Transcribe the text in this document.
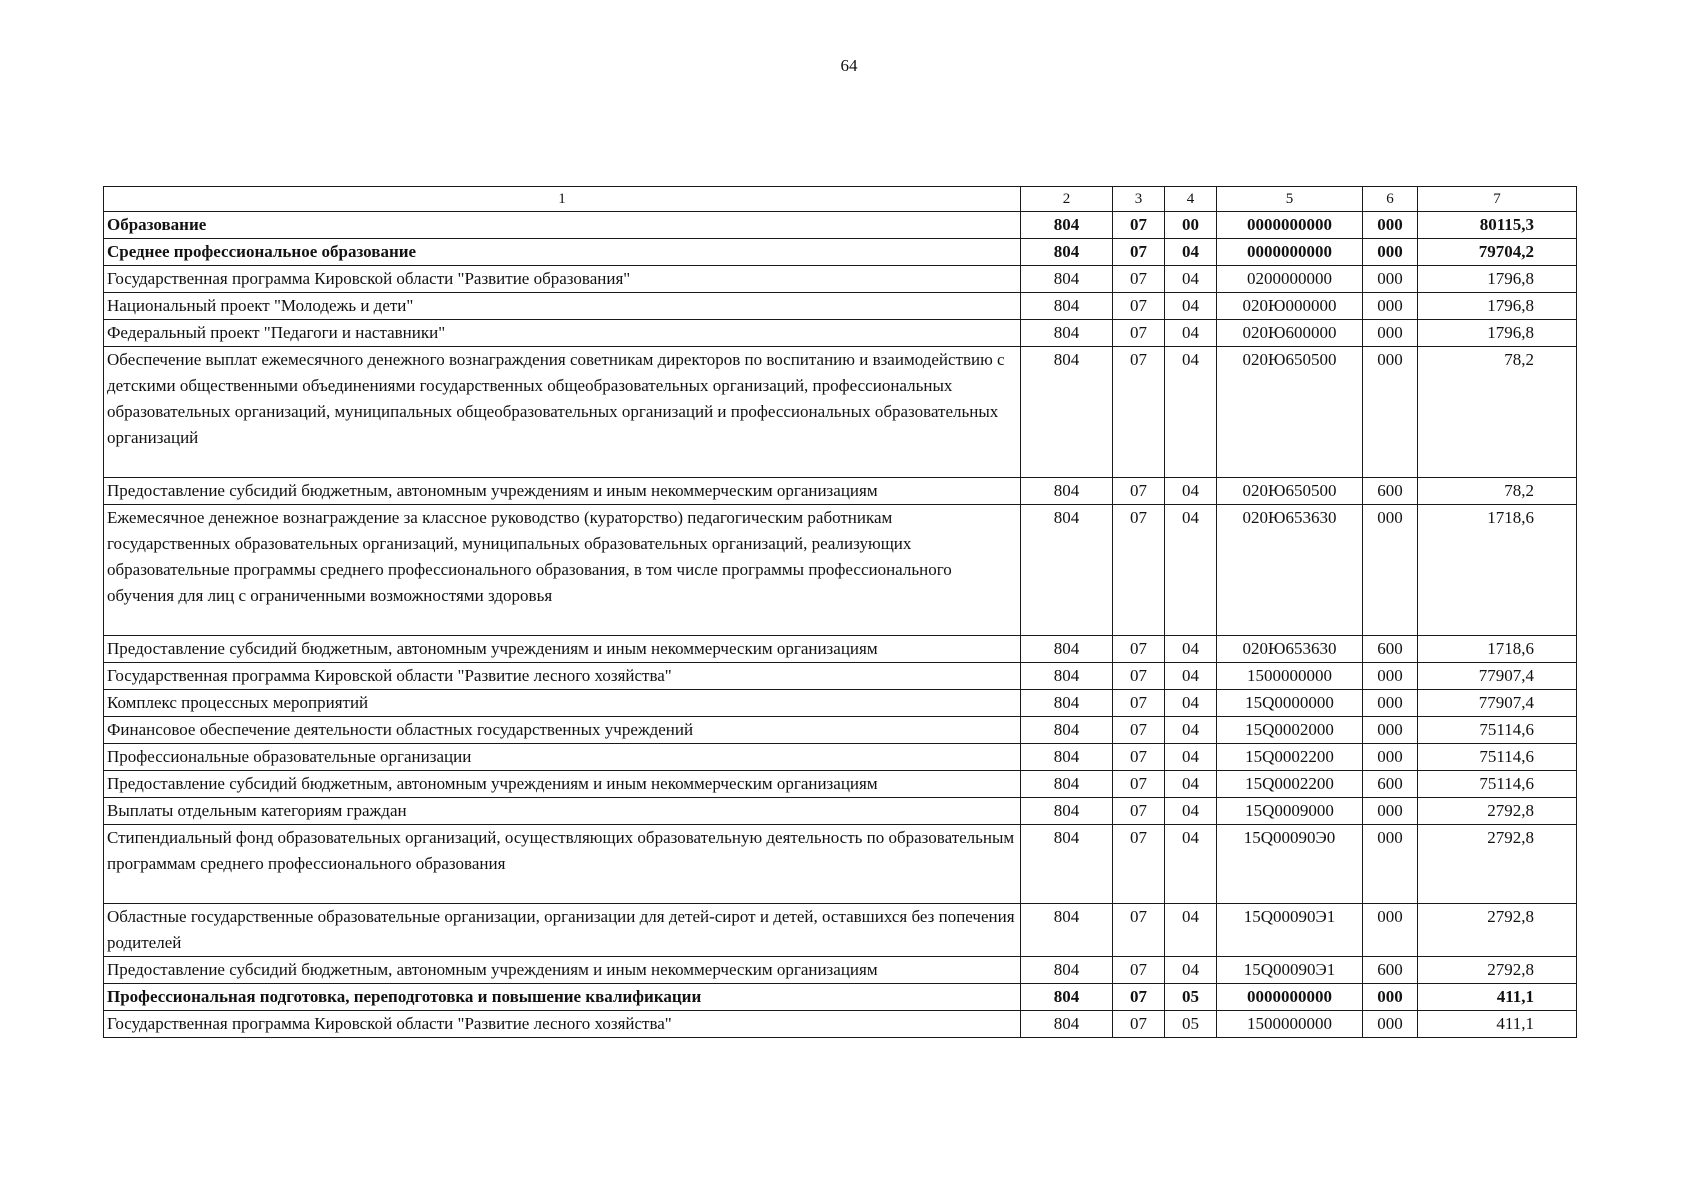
64
1	2	3	4	5	6	7
Образование	804	07	00	0000000000	000	80115,3
Среднее профессиональное образование	804	07	04	0000000000	000	79704,2
Государственная программа Кировской области "Развитие образования"	804	07	04	0200000000	000	1796,8
Национальный проект "Молодежь и дети"	804	07	04	020Ю000000	000	1796,8
Федеральный проект "Педагоги и наставники"	804	07	04	020Ю600000	000	1796,8
Обеспечение выплат ежемесячного денежного вознаграждения советникам директоров по воспитанию и взаимодействию с детскими общественными объединениями государственных общеобразовательных организаций, профессиональных образовательных организаций, муниципальных общеобразовательных организаций и профессиональных образовательных организаций	804	07	04	020Ю650500	000	78,2
Предоставление субсидий бюджетным, автономным учреждениям и иным некоммерческим организациям	804	07	04	020Ю650500	600	78,2
Ежемесячное денежное вознаграждение за классное руководство (кураторство) педагогическим работникам государственных образовательных организаций, муниципальных образовательных организаций, реализующих образовательные программы среднего профессионального образования, в том числе программы профессионального обучения для лиц с ограниченными возможностями здоровья	804	07	04	020Ю653630	000	1718,6
Предоставление субсидий бюджетным, автономным учреждениям и иным некоммерческим организациям	804	07	04	020Ю653630	600	1718,6
Государственная программа Кировской области "Развитие лесного хозяйства"	804	07	04	1500000000	000	77907,4
Комплекс процессных мероприятий	804	07	04	15Q0000000	000	77907,4
Финансовое обеспечение деятельности областных государственных учреждений	804	07	04	15Q0002000	000	75114,6
Профессиональные образовательные организации	804	07	04	15Q0002200	000	75114,6
Предоставление субсидий бюджетным, автономным учреждениям и иным некоммерческим организациям	804	07	04	15Q0002200	600	75114,6
Выплаты отдельным категориям граждан	804	07	04	15Q0009000	000	2792,8
Стипендиальный фонд образовательных организаций, осуществляющих образовательную деятельность по образовательным программам среднего профессионального образования	804	07	04	15Q00090Э0	000	2792,8
Областные государственные образовательные организации, организации для детей-сирот и детей, оставшихся без попечения родителей	804	07	04	15Q00090Э1	000	2792,8
Предоставление субсидий бюджетным, автономным учреждениям и иным некоммерческим организациям	804	07	04	15Q00090Э1	600	2792,8
Профессиональная подготовка, переподготовка и повышение квалификации	804	07	05	0000000000	000	411,1
Государственная программа Кировской области "Развитие лесного хозяйства"	804	07	05	1500000000	000	411,1
